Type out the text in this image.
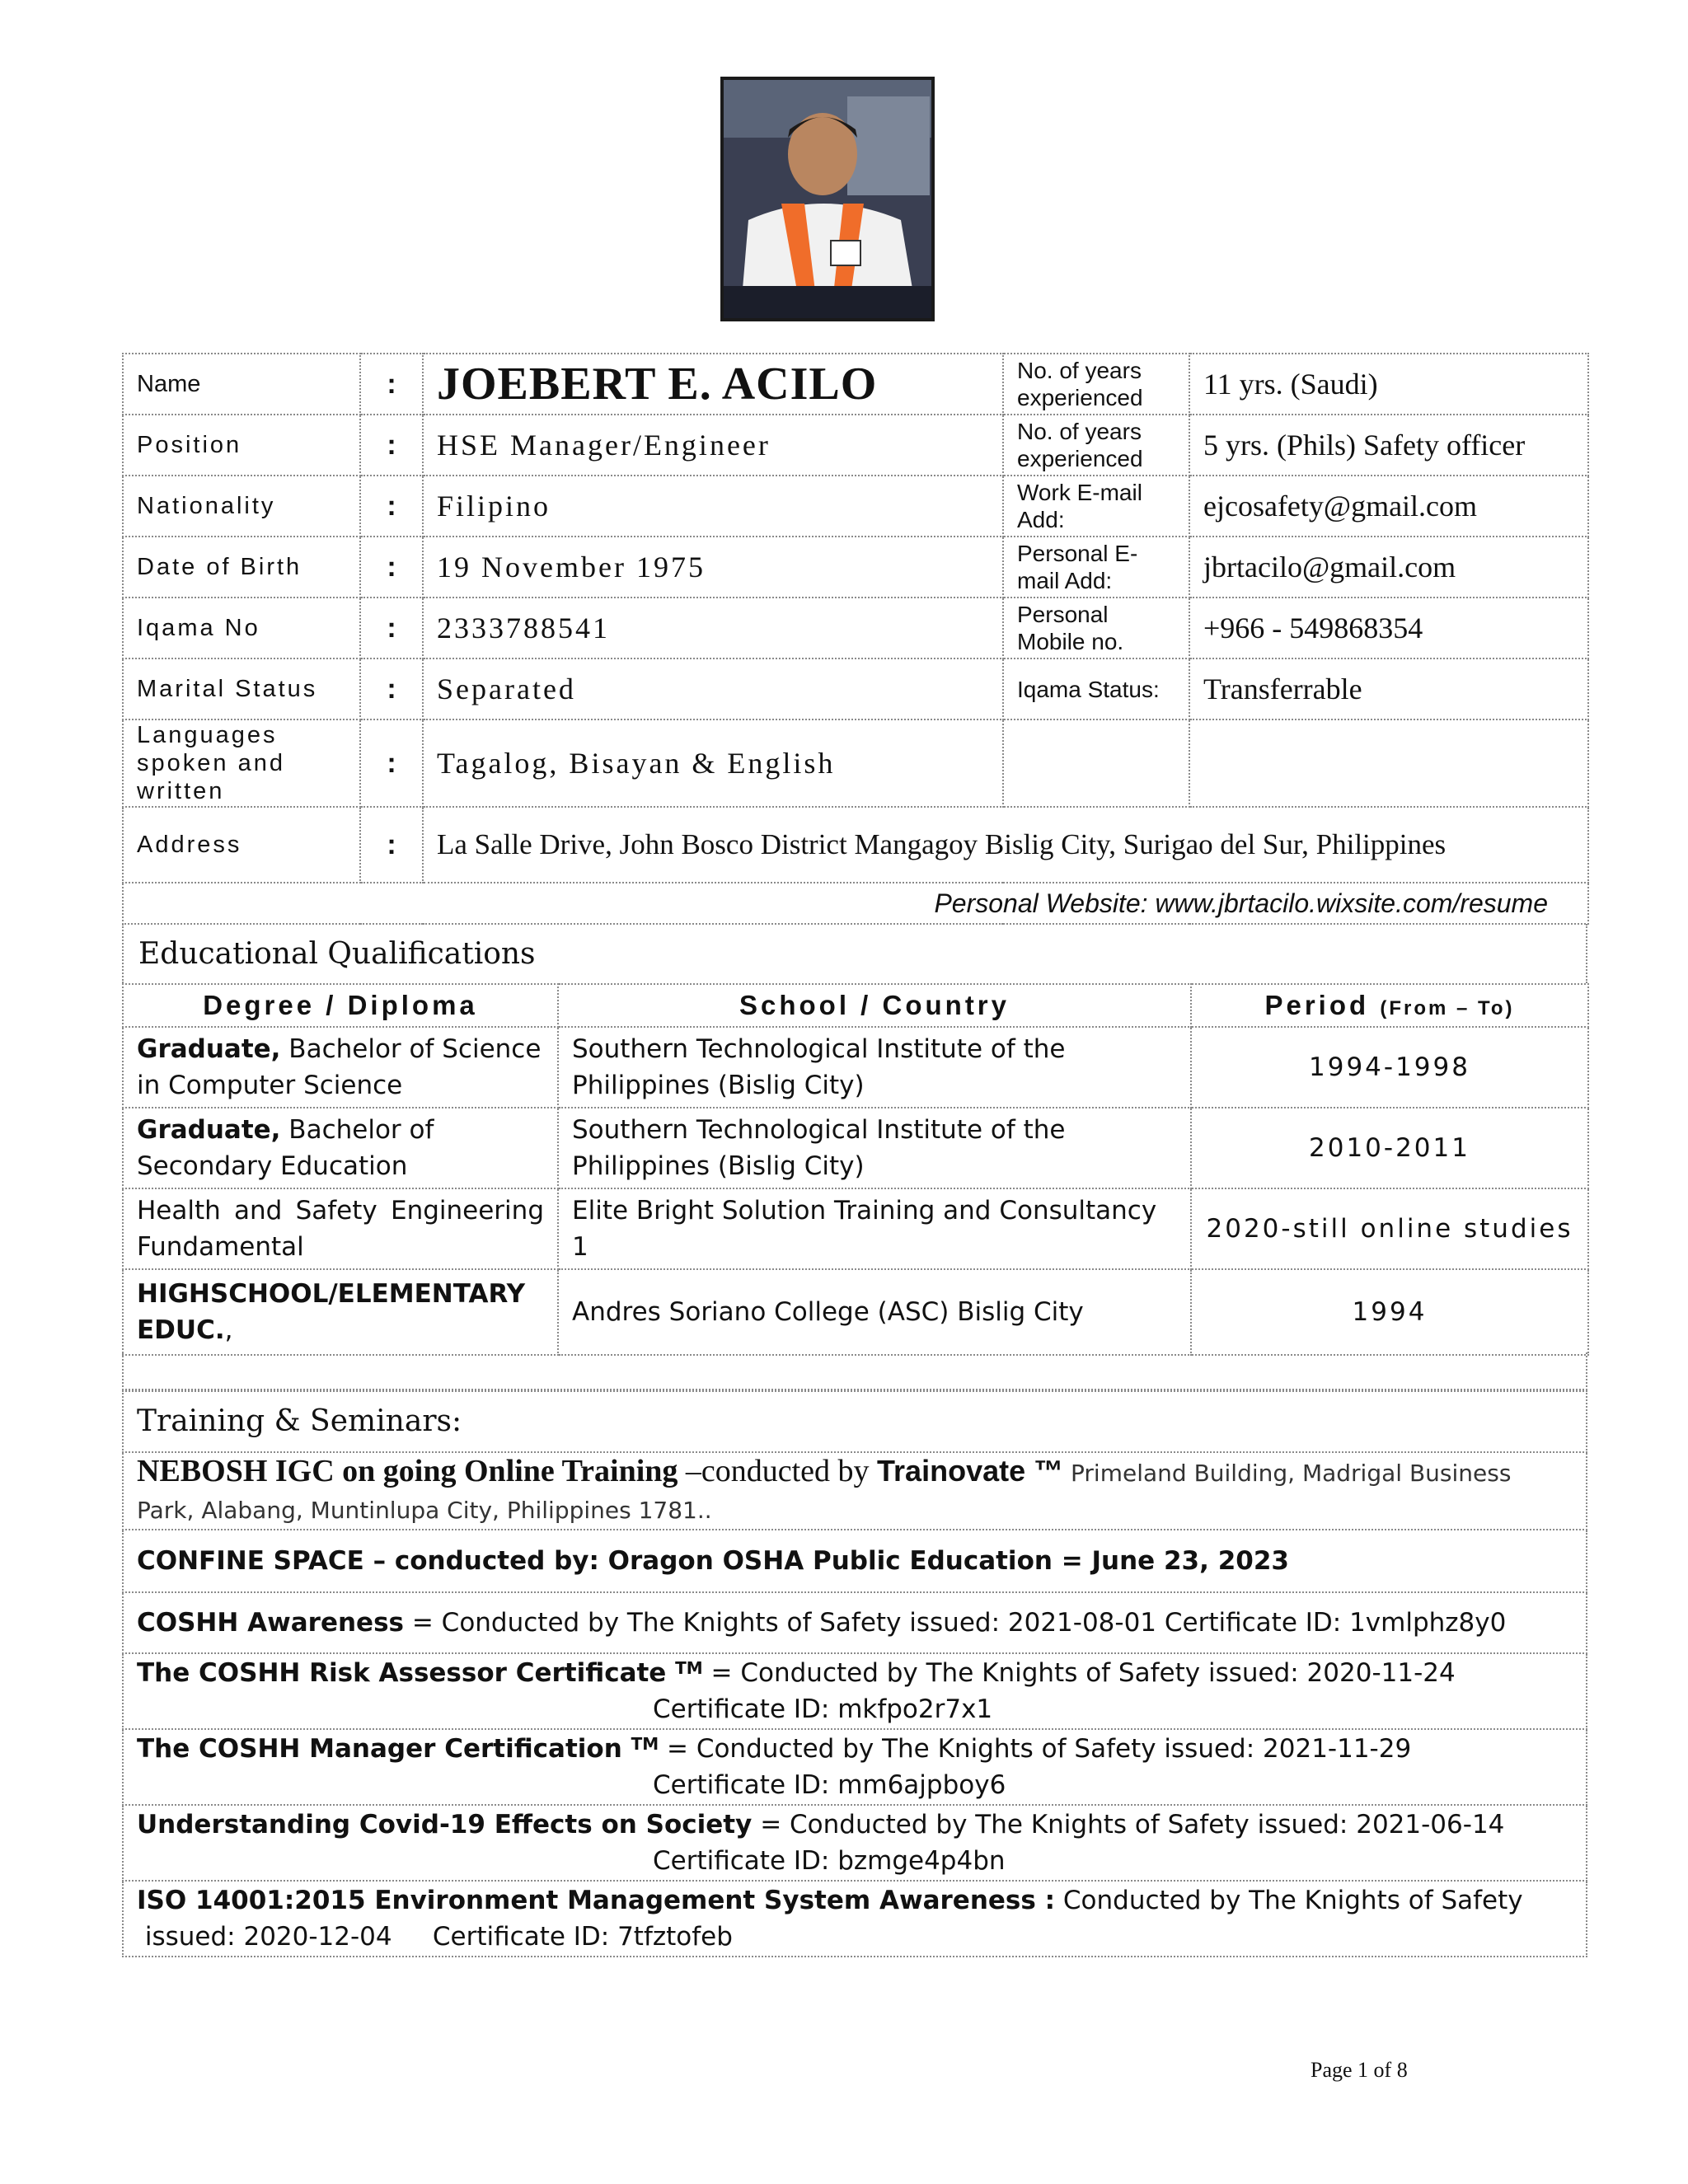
Name	:	JOEBERT E. ACILO	No. of years experienced	11 yrs. (Saudi)
Position	:	HSE Manager/Engineer	No. of years experienced	5 yrs. (Phils) Safety officer
Nationality	:	Filipino	Work E-mail Add:	ejcosafety@gmail.com
Date of Birth	:	19 November 1975	Personal E-mail Add:	jbrtacilo@gmail.com
Iqama No	:	2333788541	Personal Mobile no.	+966 - 549868354
Marital Status	:	Separated	Iqama Status:	Transferrable
Languages spoken and written	:	Tagalog, Bisayan & English		
Address	:	La Salle Drive, John Bosco District Mangagoy Bislig City, Surigao del Sur, Philippines		
Personal Website: www.jbrtacilo.wixsite.com/resume				
Educational Qualifications
Degree / Diploma	School / Country	Period (From – To)
Graduate, Bachelor of Science in Computer Science	Southern Technological Institute of the Philippines (Bislig City)	1994-1998
Graduate, Bachelor of Secondary Education	Southern Technological Institute of the Philippines (Bislig City)	2010-2011
Health and Safety Engineering Fundamental	Elite Bright Solution Training and Consultancy 1	2020-still online studies
HIGHSCHOOL/ELEMENTARY EDUC.,	Andres Soriano College (ASC) Bislig City	1994
Training & Seminars:
NEBOSH IGC on going Online Training –conducted by Trainovate ™ Primeland Building, Madrigal Business Park, Alabang, Muntinlupa City, Philippines 1781..
CONFINE SPACE – conducted by: Oragon OSHA Public Education = June 23, 2023
COSHH Awareness = Conducted by The Knights of Safety issued: 2021-08-01 Certificate ID: 1vmlphz8y0
The COSHH Risk Assessor Certificate ™ = Conducted by The Knights of Safety issued: 2020-11-24
Certificate ID: mkfpo2r7x1

The COSHH Manager Certification ™ = Conducted by The Knights of Safety issued: 2021-11-29
Certificate ID: mm6ajpboy6

Understanding Covid-19 Effects on Society = Conducted by The Knights of Safety issued: 2021-06-14
Certificate ID: bzmge4p4bn

ISO 14001:2015 Environment Management System Awareness : Conducted by The Knights of Safety
issued: 2020-12-04     Certificate ID: 7tfztofeb
Page 1 of 8
